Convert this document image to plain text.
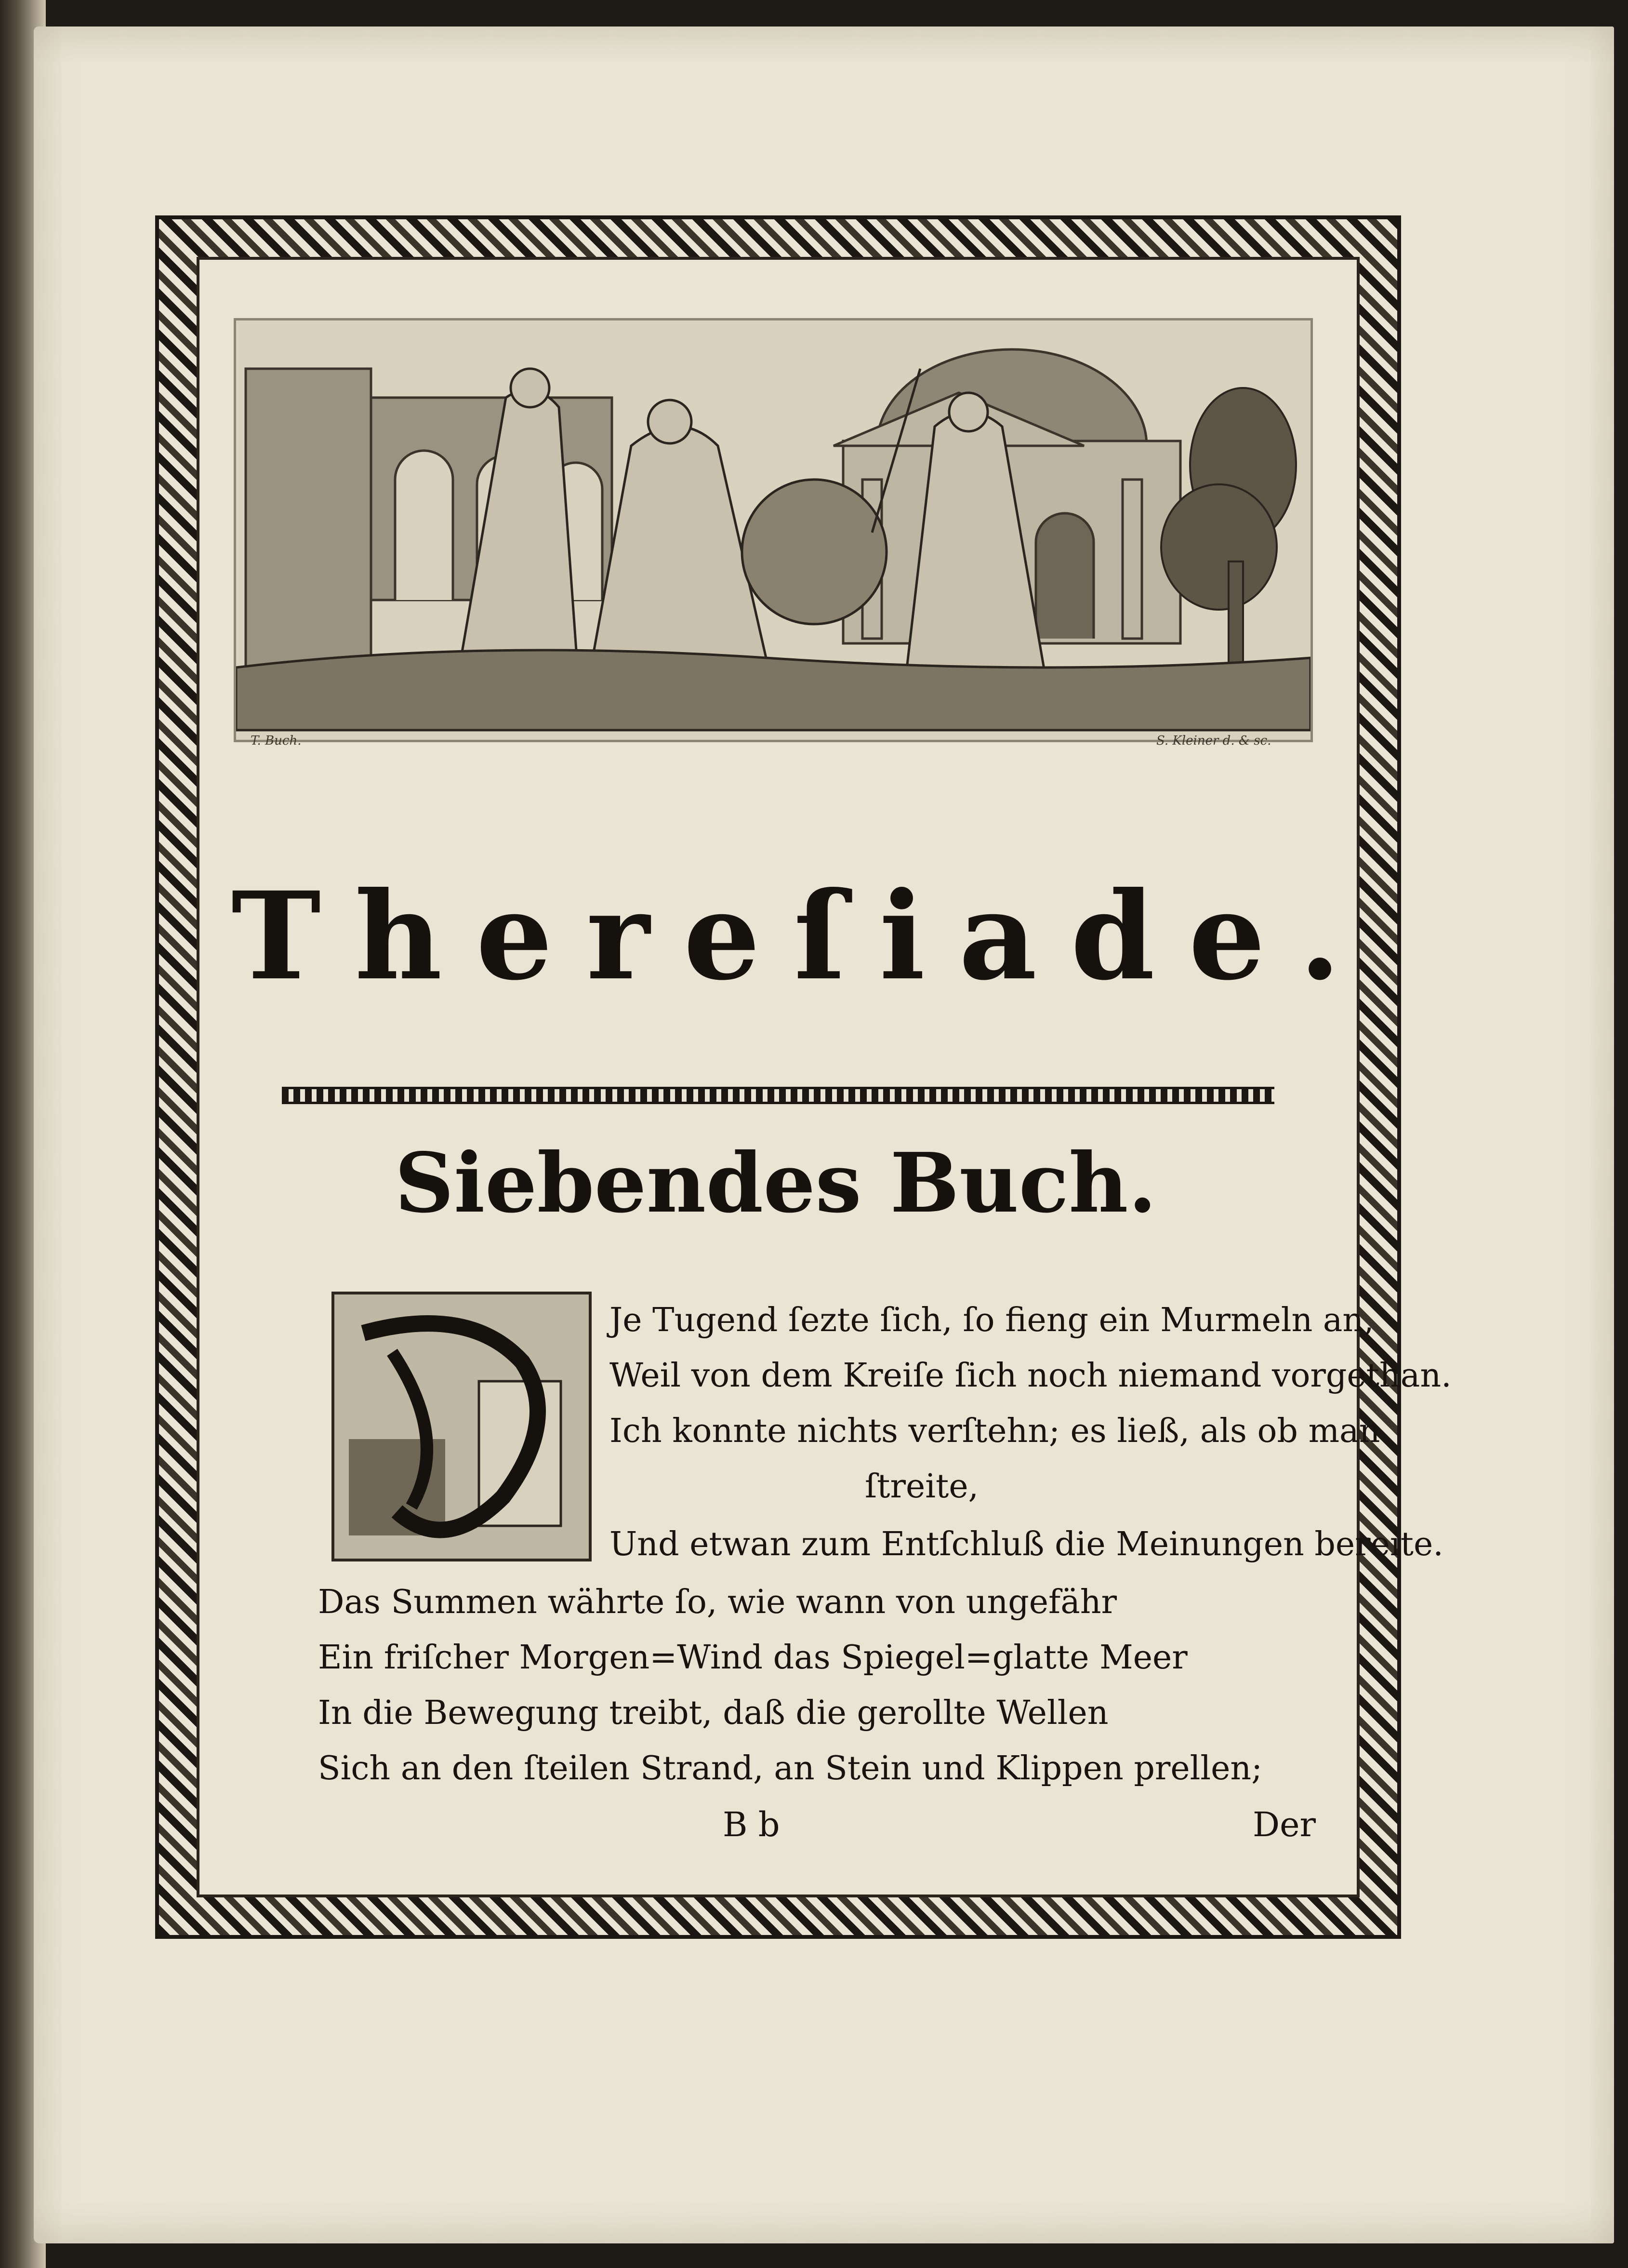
T. Buch.	S. Kleiner d. & sc.
Thereſiade.
Siebendes Buch.
Je Tugend ſezte ſich, ſo fieng ein Murmeln an,
Weil von dem Kreiſe ſich noch niemand vorgethan.
Ich konnte nichts verſtehn; es ließ, als ob man
ſtreite,
Und etwan zum Entſchluß die Meinungen bereite.
Das Summen währte ſo, wie wann von ungefähr
Ein friſcher Morgen=Wind das Spiegel=glatte Meer
In die Bewegung treibt, daß die gerollte Wellen
Sich an den ſteilen Strand, an Stein und Klippen prellen;
B b	Der
